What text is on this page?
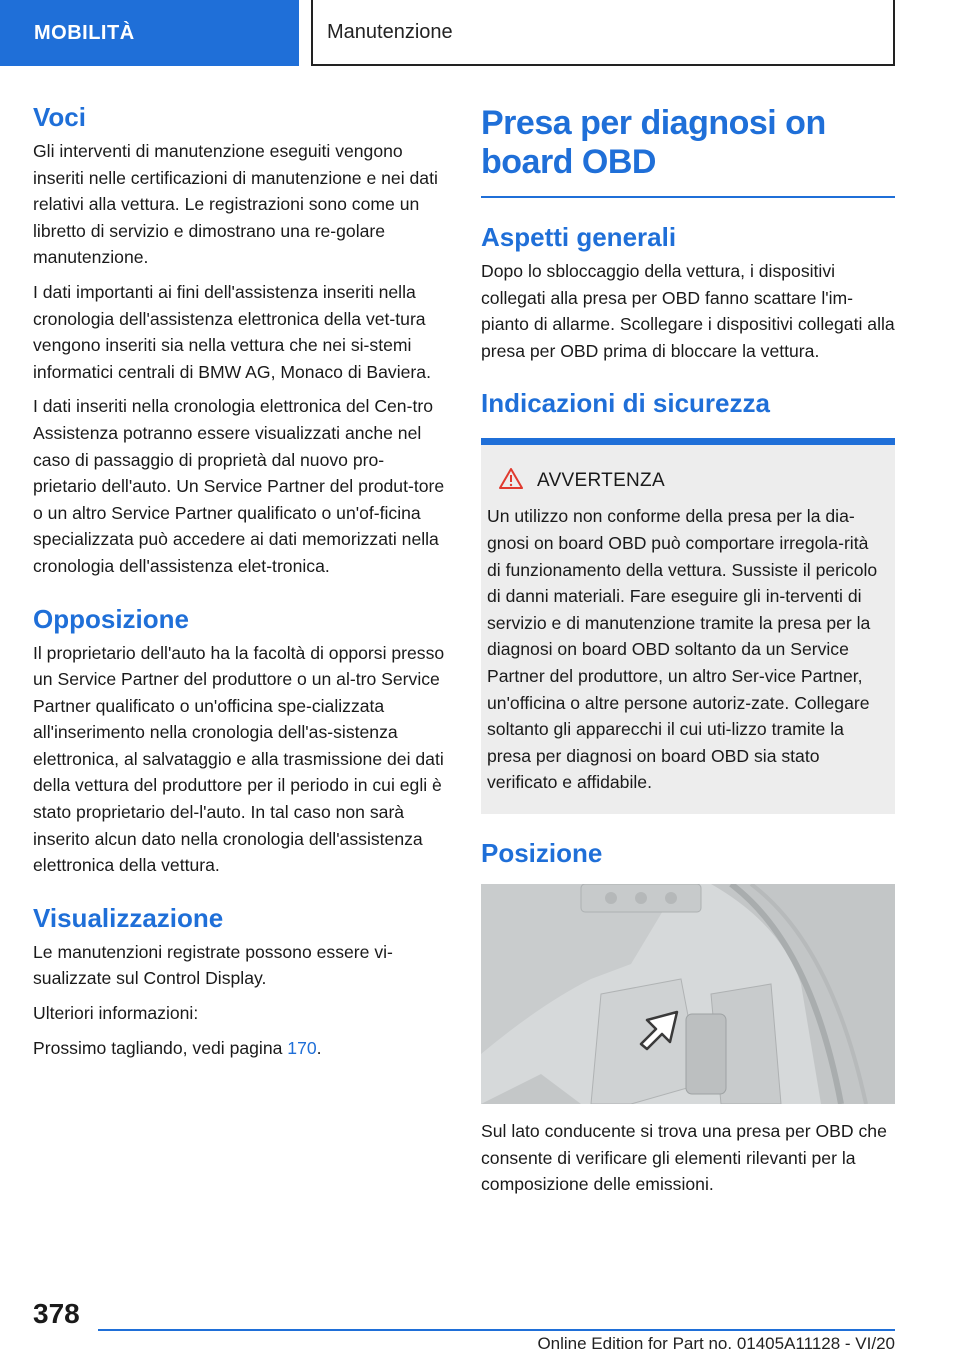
MOBILITÀ	Manutenzione
Voci

Gli interventi di manutenzione eseguiti vengono inseriti nelle certificazioni di manutenzione e nei dati relativi alla vettura. Le registrazioni sono come un libretto di servizio e dimostrano una re-golare manutenzione.

I dati importanti ai fini dell'assistenza inseriti nella cronologia dell'assistenza elettronica della vet-tura vengono inseriti sia nella vettura che nei si-stemi informatici centrali di BMW AG, Monaco di Baviera.

I dati inseriti nella cronologia elettronica del Cen-tro Assistenza potranno essere visualizzati anche nel caso di passaggio di proprietà dal nuovo pro-prietario dell'auto. Un Service Partner del produt-tore o un altro Service Partner qualificato o un'of-ficina specializzata può accedere ai dati memorizzati nella cronologia dell'assistenza elet-tronica.

Opposizione

Il proprietario dell'auto ha la facoltà di opporsi presso un Service Partner del produttore o un al-tro Service Partner qualificato o un'officina spe-cializzata all'inserimento nella cronologia dell'as-sistenza elettronica, al salvataggio e alla trasmissione dei dati della vettura del produttore per il periodo in cui egli è stato proprietario del-l'auto. In tal caso non sarà inserito alcun dato nella cronologia dell'assistenza elettronica della vettura.

Visualizzazione

Le manutenzioni registrate possono essere vi-sualizzate sul Control Display.

Ulteriori informazioni:

Prossimo tagliando, vedi pagina 170.

Presa per diagnosi on board OBD
Aspetti generali

Dopo lo sbloccaggio della vettura, i dispositivi collegati alla presa per OBD fanno scattare l'im-pianto di allarme. Scollegare i dispositivi collegati alla presa per OBD prima di bloccare la vettura.

Indicazioni di sicurezza
AVVERTENZA

Un utilizzo non conforme della presa per la dia-gnosi on board OBD può comportare irregola-rità di funzionamento della vettura. Sussiste il pericolo di danni materiali. Fare eseguire gli in-terventi di servizio e di manutenzione tramite la presa per la diagnosi on board OBD soltanto da un Service Partner del produttore, un altro Ser-vice Partner, un'officina o altre persone autoriz-zate. Collegare soltanto gli apparecchi il cui uti-lizzo tramite la presa per diagnosi on board OBD sia stato verificato e affidabile.

Posizione

Sul lato conducente si trova una presa per OBD che consente di verificare gli elementi rilevanti per la composizione delle emissioni.

378
Online Edition for Part no. 01405A11128 - VI/20
